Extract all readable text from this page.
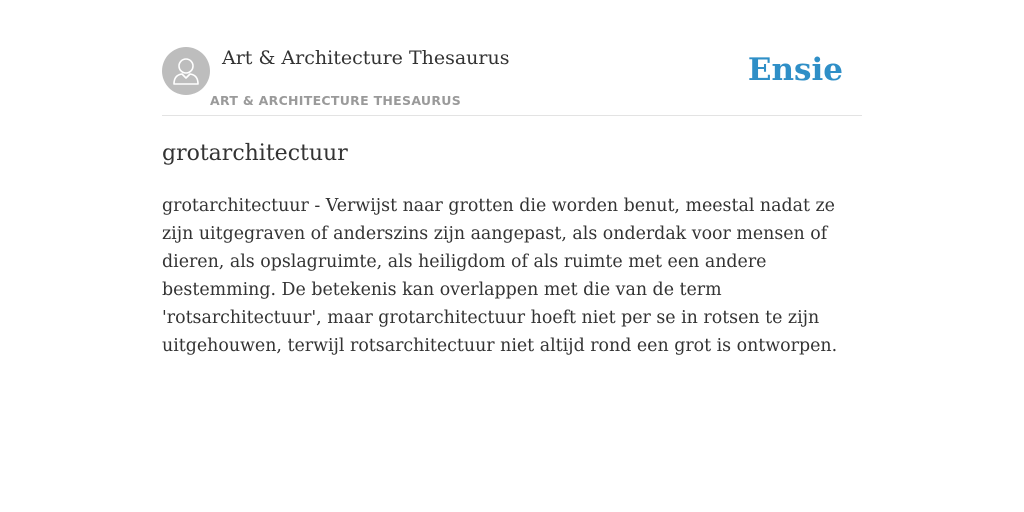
Art & Architecture Thesaurus
ART & ARCHITECTURE THESAURUS
Ensie
grotarchitectuur

grotarchitectuur - Verwijst naar grotten die worden benut, meestal nadat ze zijn uitgegraven of anderszins zijn aangepast, als onderdak voor mensen of dieren, als opslagruimte, als heiligdom of als ruimte met een andere bestemming. De betekenis kan overlappen met die van de term 'rotsarchitectuur', maar grotarchitectuur hoeft niet per se in rotsen te zijn uitgehouwen, terwijl rotsarchitectuur niet altijd rond een grot is ontworpen.
